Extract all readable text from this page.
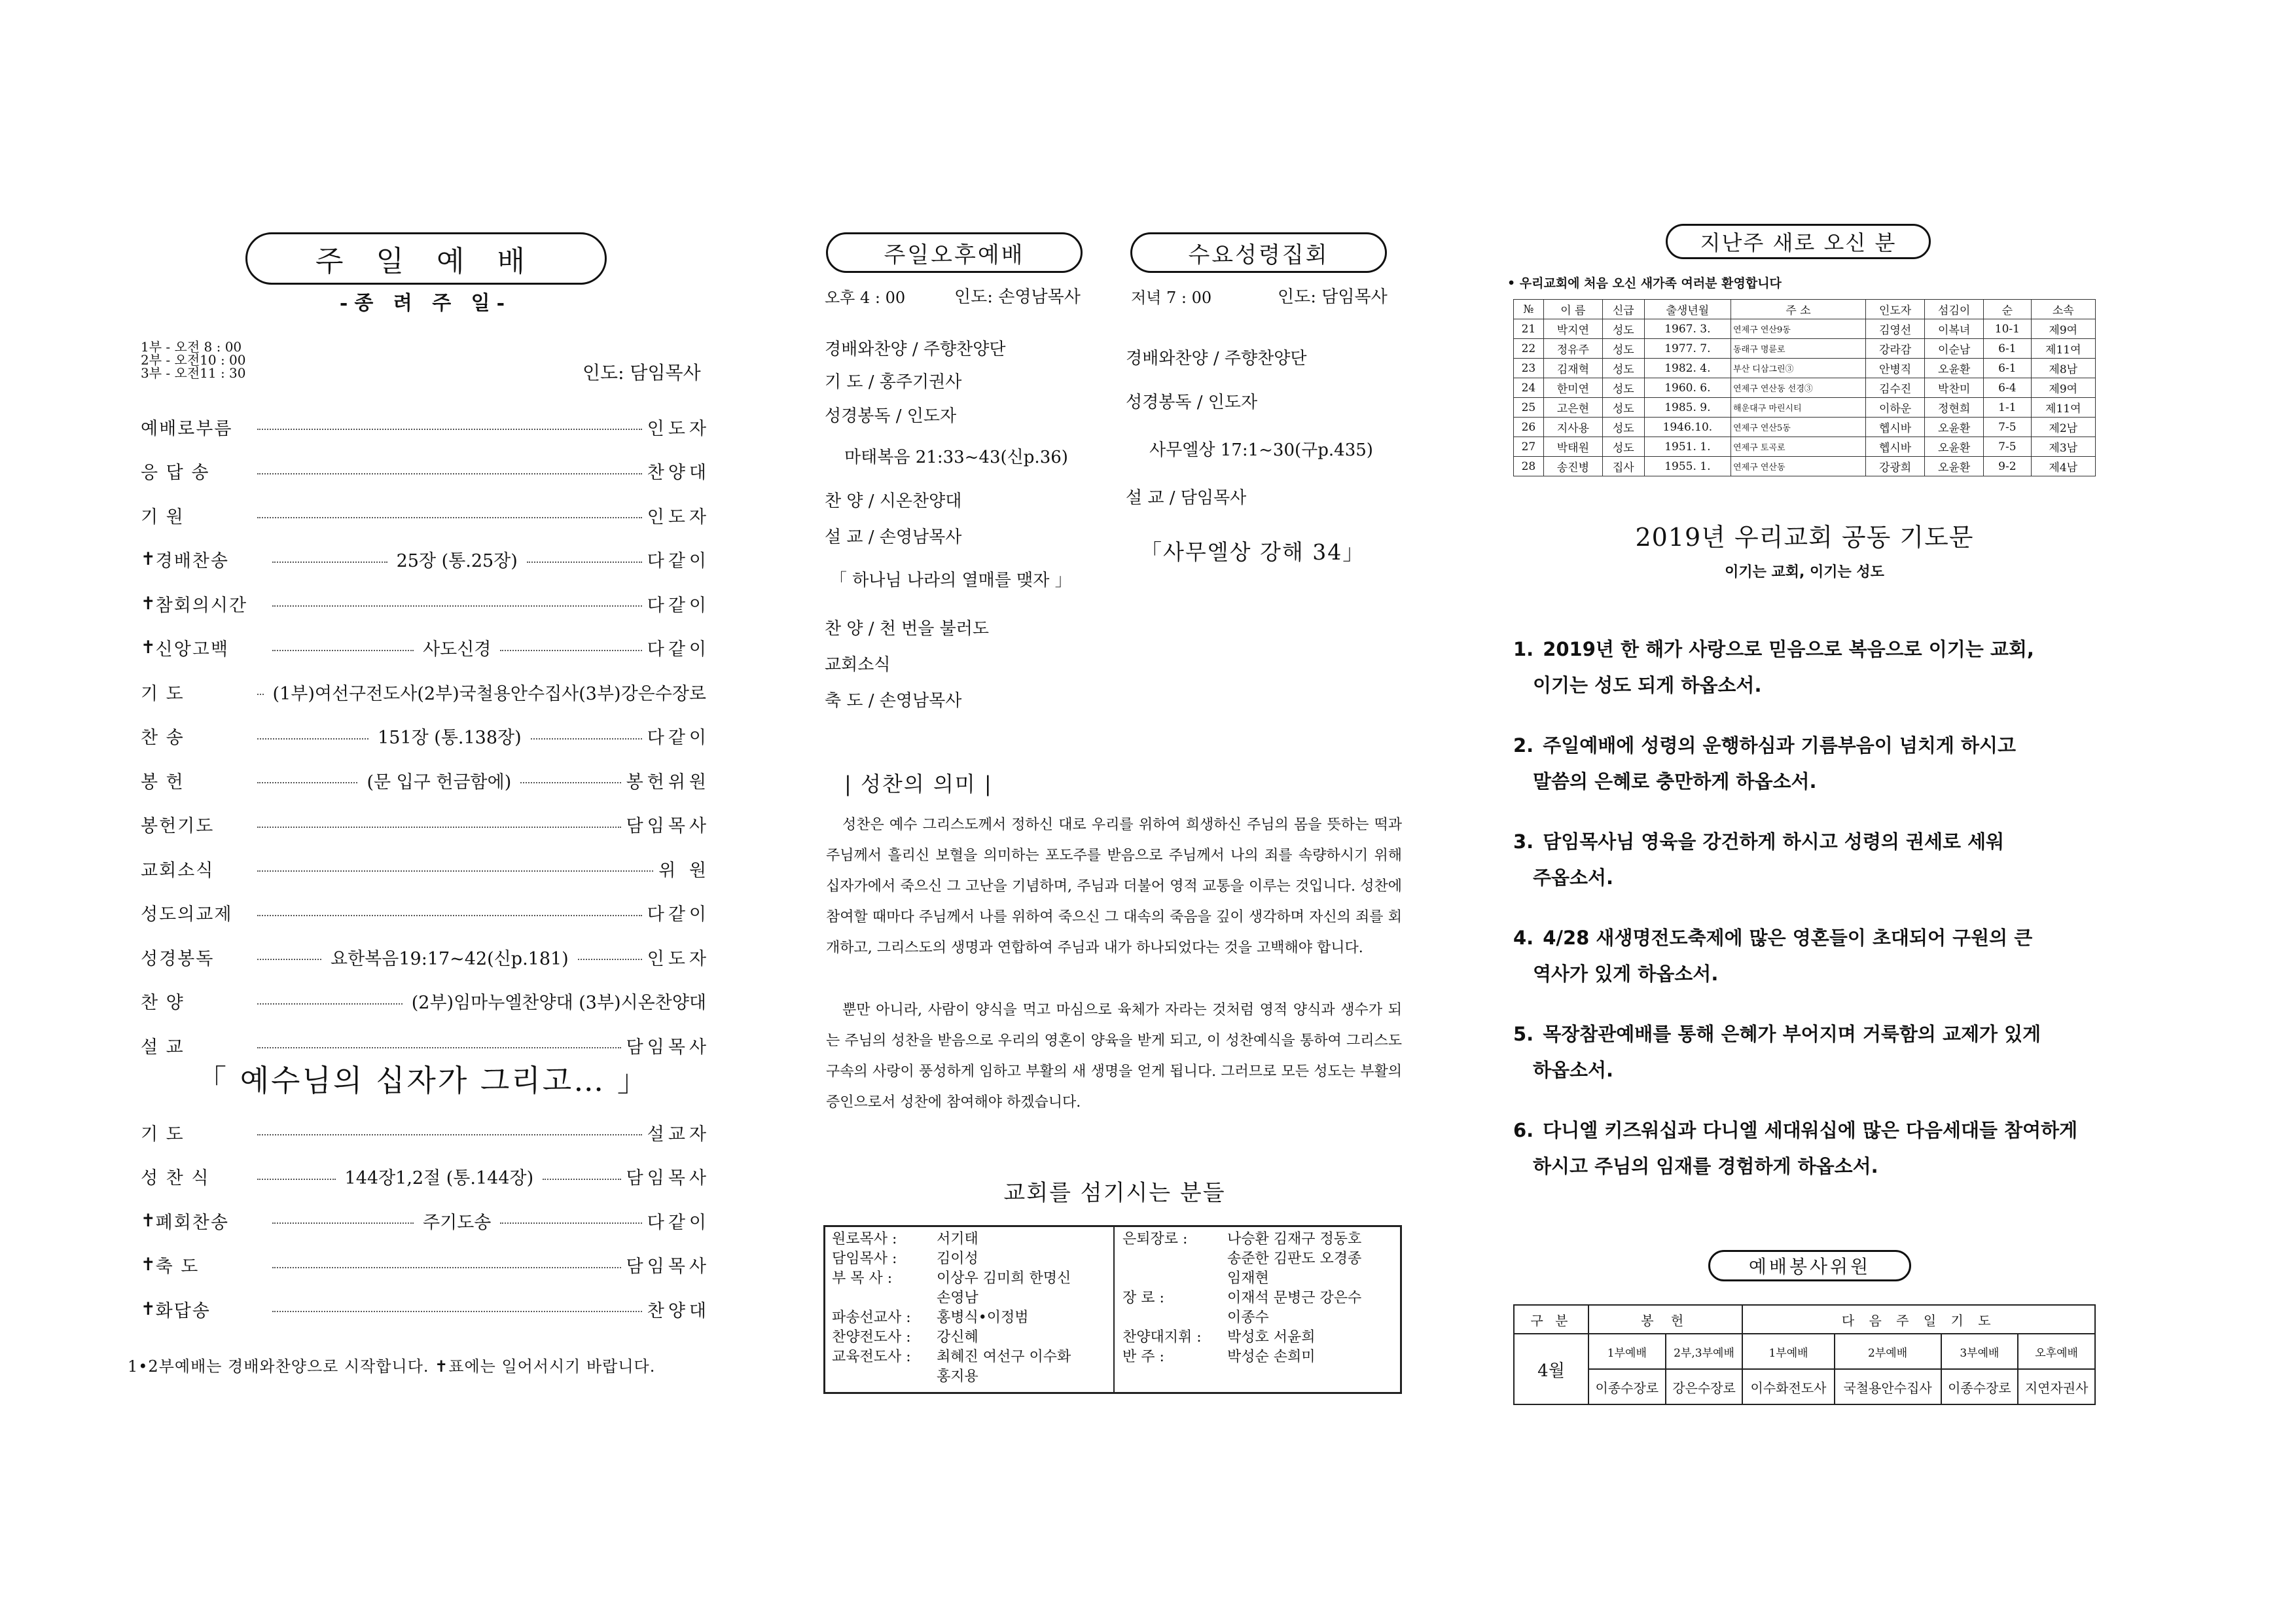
주 일 예 배
-종 려 주 일-
1부 - 오전 8 : 00
2부 - 오전10 : 00
3부 - 오전11 : 30	인도: 담임목사
예배로부름	인도자
응 답 송	찬양대
기 원	인도자
✝ 경배찬송	25장 (통.25장)	다같이
✝ 참회의시간	다같이
✝ 신앙고백	사도신경	다같이
기 도	(1부)여선구전도사(2부)국철용안수집사(3부)강은수장로
찬 송	151장 (통.138장)	다같이
봉 헌	(문 입구 헌금함에)	봉헌위원
봉헌기도	담임목사
교회소식	위 원
성도의교제	다같이
성경봉독	요한복음19:17~42(신p.181)	인도자
찬 양	(2부)임마누엘찬양대 (3부)시온찬양대
설 교	담임목사
「 예수님의 십자가 그리고… 」
기 도	설교자
성 찬 식	144장1,2절 (통.144장)	담임목사
✝ 폐회찬송	주기도송	다같이
✝ 축 도	담임목사
✝ 화답송	찬양대
1•2부예배는 경배와찬양으로 시작합니다. ✝표에는 일어서시기 바랍니다.
주일오후예배
오후 4 : 00	인도: 손영남목사
경배와찬양 / 주향찬양단
기 도 / 홍주기권사
성경봉독 / 인도자
마태복음 21:33~43(신p.36)
찬 양 / 시온찬양대
설 교 / 손영남목사
「 하나님 나라의 열매를 맺자 」
찬 양 / 천 번을 불러도
교회소식
축 도 / 손영남목사
수요성령집회
저녁 7 : 00	인도: 담임목사
경배와찬양 / 주향찬양단
성경봉독 / 인도자
사무엘상 17:1~30(구p.435)
설 교 / 담임목사
「사무엘상 강해 34」
| 성찬의 의미 |
성찬은 예수 그리스도께서 정하신 대로 우리를 위하여 희생하신 주님의 몸을 뜻하는 떡과 주님께서 흘리신 보혈을 의미하는 포도주를 받음으로 주님께서 나의 죄를 속량하시기 위해 십자가에서 죽으신 그 고난을 기념하며, 주님과 더불어 영적 교통을 이루는 것입니다. 성찬에 참여할 때마다 주님께서 나를 위하여 죽으신 그 대속의 죽음을 깊이 생각하며 자신의 죄를 회개하고, 그리스도의 생명과 연합하여 주님과 내가 하나되었다는 것을 고백해야 합니다.
뿐만 아니라, 사람이 양식을 먹고 마심으로 육체가 자라는 것처럼 영적 양식과 생수가 되는 주님의 성찬을 받음으로 우리의 영혼이 양육을 받게 되고, 이 성찬예식을 통하여 그리스도 구속의 사랑이 풍성하게 임하고 부활의 새 생명을 얻게 됩니다. 그러므로 모든 성도는 부활의 증인으로서 성찬에 참여해야 하겠습니다.
교회를 섬기시는 분들
원로목사 :	서기태
담임목사 :	김이성
부 목 사 :	이상우 김미희 한명신
손영남
파송선교사 :	홍병식•이정범
찬양전도사 :	강신혜
교육전도사 :	최혜진 여선구 이수화
홍지용
은퇴장로 :	나승환 김재구 정동호
송준한 김판도 오경종
임재현
장 로 :	이재석 문병근 강은수
이종수
찬양대지휘 :	박성호 서윤희
반 주 :	박성순 손희미
지난주 새로 오신 분
• 우리교회에 처음 오신 새가족 여러분 환영합니다
№	이 름	신급	출생년월	주 소	인도자	섬김이	순	소속
21	박지연	성도	1967. 3.	연제구 연산9동	김영선	이복녀	10-1	제9여
22	정유주	성도	1977. 7.	동래구 명륜로	강라감	이순남	6-1	제11여
23	김재혁	성도	1982. 4.	부산 디삼그린③	안병직	오윤환	6-1	제8남
24	한미연	성도	1960. 6.	연제구 연산동 선경③	김수진	박찬미	6-4	제9여
25	고은현	성도	1985. 9.	해운대구 마린시티	이하운	정현희	1-1	제11여
26	지사용	성도	1946.10.	연제구 연산5동	헵시바	오윤환	7-5	제2남
27	박태원	성도	1951. 1.	연제구 토곡로	헵시바	오윤환	7-5	제3남
28	송진병	집사	1955. 1.	연제구 연산동	강광희	오윤환	9-2	제4남
2019년 우리교회 공동 기도문
이기는 교회, 이기는 성도
1. 2019년 한 해가 사랑으로 믿음으로 복음으로 이기는 교회,
이기는 성도 되게 하옵소서.
2. 주일예배에 성령의 운행하심과 기름부음이 넘치게 하시고
말씀의 은혜로 충만하게 하옵소서.
3. 담임목사님 영육을 강건하게 하시고 성령의 권세로 세워
주옵소서.
4. 4/28 새생명전도축제에 많은 영혼들이 초대되어 구원의 큰
역사가 있게 하옵소서.
5. 목장참관예배를 통해 은혜가 부어지며 거룩함의 교제가 있게
하옵소서.
6. 다니엘 키즈워십과 다니엘 세대워십에 많은 다음세대들 참여하게
하시고 주님의 임재를 경험하게 하옵소서.
예배봉사위원
구 분	봉 헌		다 음 주 일 기 도			
4월	1부예배	2부,3부예배	1부예배	2부예배	3부예배	오후예배
	이종수장로	강은수장로	이수화전도사	국철용안수집사	이종수장로	지연자권사
